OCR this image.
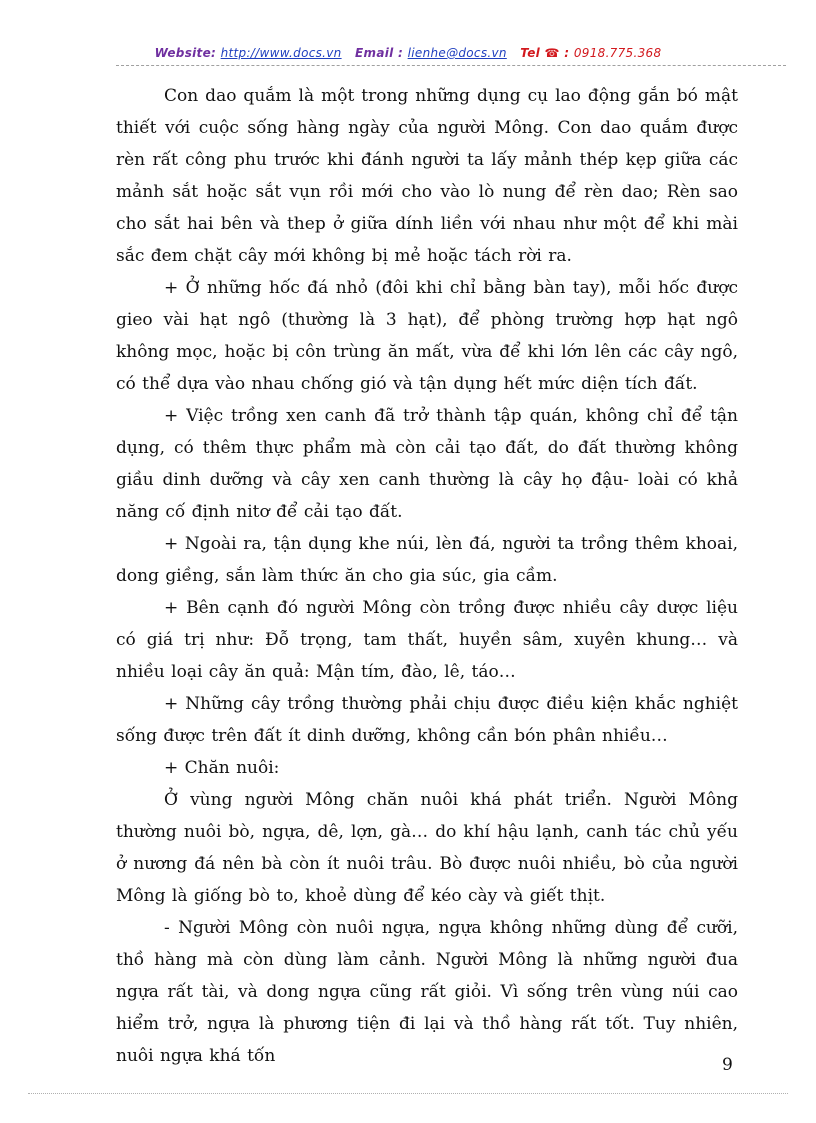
Website: http://www.docs.vn Email : lienhe@docs.vn Tel ☎ : 0918.775.368

Con dao quắm là một trong những dụng cụ lao động gắn bó mật thiết với cuộc sống hàng ngày của người Mông. Con dao quắm được rèn rất công phu trước khi đánh người ta lấy mảnh thép kẹp giữa các mảnh sắt hoặc sắt vụn rồi mới cho vào lò nung để rèn dao; Rèn sao cho sắt hai bên và thep ở giữa dính liền với nhau như một để khi mài sắc đem chặt cây mới không bị mẻ hoặc tách rời ra.

+ Ở những hốc đá nhỏ (đôi khi chỉ bằng bàn tay), mỗi hốc được gieo vài hạt ngô (thường là 3 hạt), để phòng trường hợp hạt ngô không mọc, hoặc bị côn trùng ăn mất, vừa để khi lớn lên các cây ngô, có thể dựa vào nhau chống gió và tận dụng hết mức diện tích đất.

+ Việc trồng xen canh đã trở thành tập quán, không chỉ để tận dụng, có thêm thực phẩm mà còn cải tạo đất, do đất thường không giầu dinh dưỡng và cây xen canh thường là cây họ đậu- loài có khả năng cố định nitơ để cải tạo đất.

+ Ngoài ra, tận dụng khe núi, lèn đá, người ta trồng thêm khoai, dong giềng, sắn làm thức ăn cho gia súc, gia cầm.

+ Bên cạnh đó người Mông còn trồng được nhiều cây dược liệu có giá trị như: Đỗ trọng, tam thất, huyền sâm, xuyên khung… và nhiều loại cây ăn quả: Mận tím, đào, lê, táo…

+ Những cây trồng thường phải chịu được điều kiện khắc nghiệt sống được trên đất ít dinh dưỡng, không cần bón phân nhiều…

+ Chăn nuôi:

Ở vùng người Mông chăn nuôi khá phát triển. Người Mông thường nuôi bò, ngựa, dê, lợn, gà… do khí hậu lạnh, canh tác chủ yếu ở nương đá nên bà còn ít nuôi trâu. Bò được nuôi nhiều, bò của người Mông là giống bò to, khoẻ dùng để kéo cày và giết thịt.

- Người Mông còn nuôi ngựa, ngựa không những dùng để cưỡi, thồ hàng mà còn dùng làm cảnh. Người Mông là những người đua ngựa rất tài, và dong ngựa cũng rất giỏi. Vì sống trên vùng núi cao hiểm trở, ngựa là phương tiện đi lại và thồ hàng rất tốt. Tuy nhiên, nuôi ngựa khá tốn	9
